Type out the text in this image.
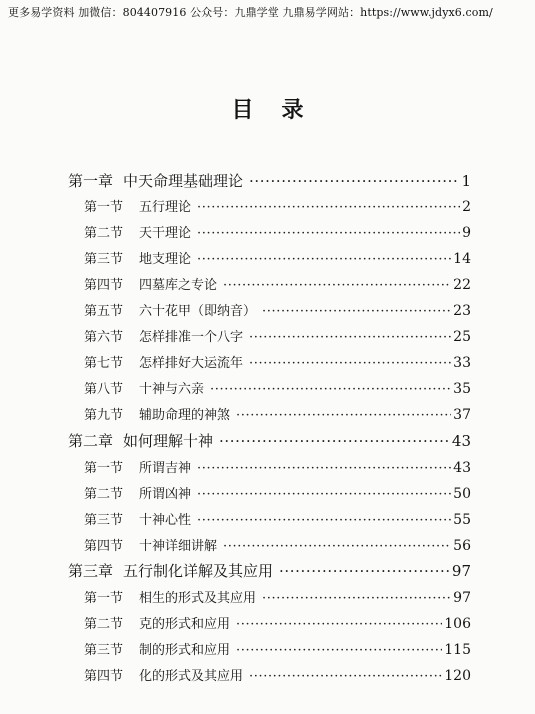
更多易学资料 加微信：804407916 公众号：九鼎学堂 九鼎易学网站：https://www.jdyx6.com/
目录
第一章 中天命理基础理论 ·····	1
第一节	五行理论 ·····	2
第二节	天干理论 ·····	9
第三节	地支理论 ·····	14
第四节	四墓库之专论 ·····	22
第五节	六十花甲（即纳音） ·····	23
第六节	怎样排准一个八字 ·····	25
第七节	怎样排好大运流年 ·····	33
第八节	十神与六亲 ·····	35
第九节	辅助命理的神煞 ·····	37
第二章 如何理解十神 ·····	43
第一节	所谓吉神 ·····	43
第二节	所谓凶神 ·····	50
第三节	十神心性 ·····	55
第四节	十神详细讲解 ·····	56
第三章 五行制化详解及其应用 ·····	97
第一节	相生的形式及其应用 ·····	97
第二节	克的形式和应用 ·····	106
第三节	制的形式和应用 ·····	115
第四节	化的形式及其应用 ·····	120
